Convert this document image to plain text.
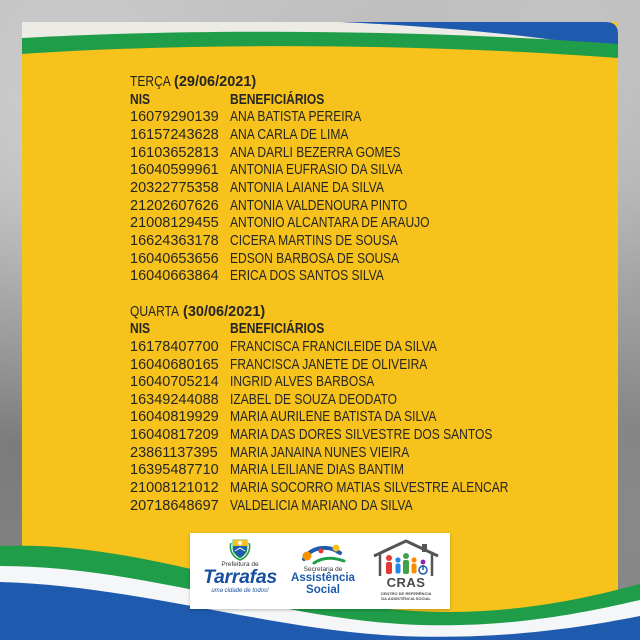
TERÇA (29/06/2021)
NIS	BENEFICIÁRIOS
16079290139 ANA BATISTA PEREIRA
16157243628 ANA CARLA DE LIMA
16103652813 ANA DARLI BEZERRA GOMES
16040599961 ANTONIA EUFRASIO DA SILVA
20322775358 ANTONIA LAIANE DA SILVA
21202607626 ANTONIA VALDENOURA PINTO
21008129455 ANTONIO ALCANTARA DE ARAUJO
16624363178 CICERA MARTINS DE SOUSA
16040653656 EDSON BARBOSA DE SOUSA
16040663864 ERICA DOS SANTOS SILVA
QUARTA (30/06/2021)
NIS	BENEFICIÁRIOS
16178407700 FRANCISCA FRANCILEIDE DA SILVA
16040680165 FRANCISCA JANETE DE OLIVEIRA
16040705214 INGRID ALVES BARBOSA
16349244088 IZABEL DE SOUZA DEODATO
16040819929 MARIA AURILENE BATISTA DA SILVA
16040817209 MARIA DAS DORES SILVESTRE DOS SANTOS
23861137395 MARIA JANAINA NUNES VIEIRA
16395487710 MARIA LEILIANE DIAS BANTIM
21008121012 MARIA SOCORRO MATIAS SILVESTRE ALENCAR
20718648697 VALDELICIA MARIANO DA SILVA
Prefeitura de
Tarrafas
uma cidade de todos!
Secretaria de
Assistência
Social	CRAS
CENTRO DE REFERÊNCIA
DA ASSISTÊNCIA SOCIAL
